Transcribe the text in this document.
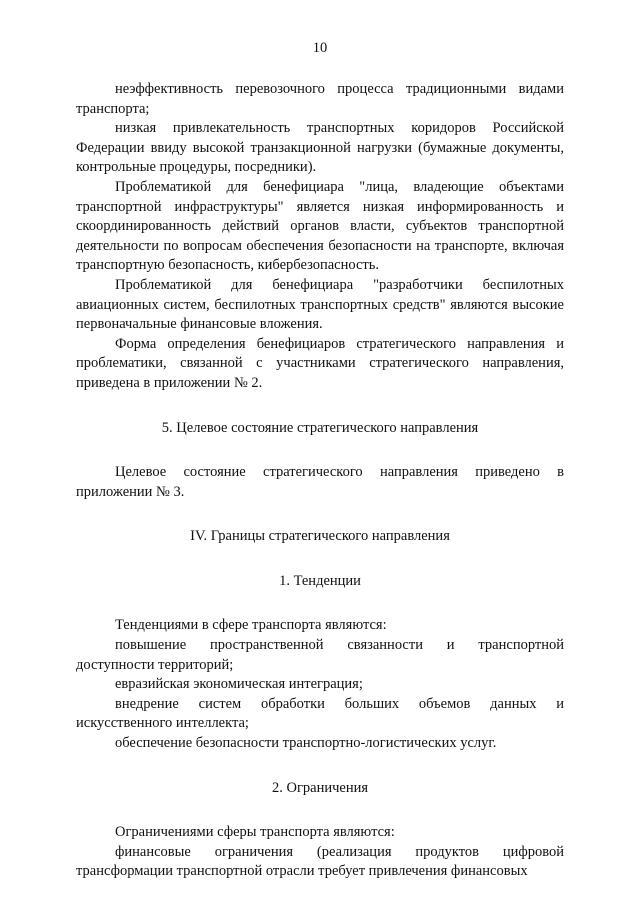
10

неэффективность перевозочного процесса традиционными видами транспорта;

низкая привлекательность транспортных коридоров Российской Федерации ввиду высокой транзакционной нагрузки (бумажные документы, контрольные процедуры, посредники).

Проблематикой для бенефициара "лица, владеющие объектами транспортной инфраструктуры" является низкая информированность и скоординированность действий органов власти, субъектов транспортной деятельности по вопросам обеспечения безопасности на транспорте, включая транспортную безопасность, кибербезопасность.

Проблематикой для бенефициара "разработчики беспилотных авиационных систем, беспилотных транспортных средств" являются высокие первоначальные финансовые вложения.

Форма определения бенефициаров стратегического направления и проблематики, связанной с участниками стратегического направления, приведена в приложении № 2.

5. Целевое состояние стратегического направления

Целевое состояние стратегического направления приведено в приложении № 3.

IV. Границы стратегического направления

1. Тенденции

Тенденциями в сфере транспорта являются:

повышение пространственной связанности и транспортной доступности территорий;

евразийская экономическая интеграция;

внедрение систем обработки больших объемов данных и искусственного интеллекта;

обеспечение безопасности транспортно-логистических услуг.

2. Ограничения

Ограничениями сферы транспорта являются:

финансовые ограничения (реализация продуктов цифровой трансформации транспортной отрасли требует привлечения финансовых
